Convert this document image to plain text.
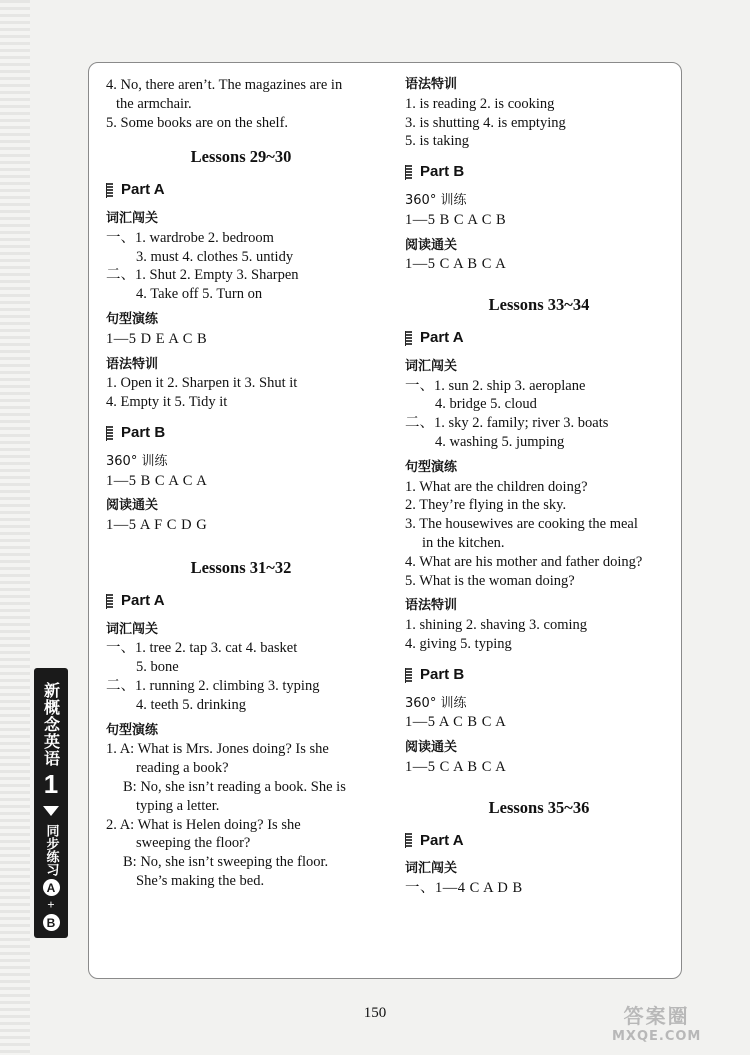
4. No, there aren’t. The magazines are in
the armchair.
5. Some books are on the shelf.
Lessons 29~30
Part A
词汇闯关
一、1. wardrobe 2. bedroom
3. must 4. clothes 5. untidy
二、1. Shut 2. Empty 3. Sharpen
4. Take off 5. Turn on
句型演练
1—5 D E A C B
语法特训
1. Open it 2. Sharpen it 3. Shut it
4. Empty it 5. Tidy it
Part B
360° 训练
1—5 B C A C A
阅读通关
1—5 A F C D G
Lessons 31~32
Part A
词汇闯关
一、1. tree 2. tap 3. cat 4. basket
5. bone
二、1. running 2. climbing 3. typing
4. teeth 5. drinking
句型演练
1. A: What is Mrs. Jones doing? Is she
reading a book?
B: No, she isn’t reading a book. She is
typing a letter.
2. A: What is Helen doing? Is she
sweeping the floor?
B: No, she isn’t sweeping the floor.
She’s making the bed.
语法特训
1. is reading 2. is cooking
3. is shutting 4. is emptying
5. is taking
Part B
360° 训练
1—5 B C A C B
阅读通关
1—5 C A B C A
Lessons 33~34
Part A
词汇闯关
一、1. sun 2. ship 3. aeroplane
4. bridge 5. cloud
二、1. sky 2. family; river 3. boats
4. washing 5. jumping
句型演练
1. What are the children doing?
2. They’re flying in the sky.
3. The housewives are cooking the meal
in the kitchen.
4. What are his mother and father doing?
5. What is the woman doing?
语法特训
1. shining 2. shaving 3. coming
4. giving 5. typing
Part B
360° 训练
1—5 A C B C A
阅读通关
1—5 C A B C A
Lessons 35~36
Part A
词汇闯关
一、1—4 C A D B
新概念英语
1
同步练习
A
+
B
150	答案圈
MXQE.COM
